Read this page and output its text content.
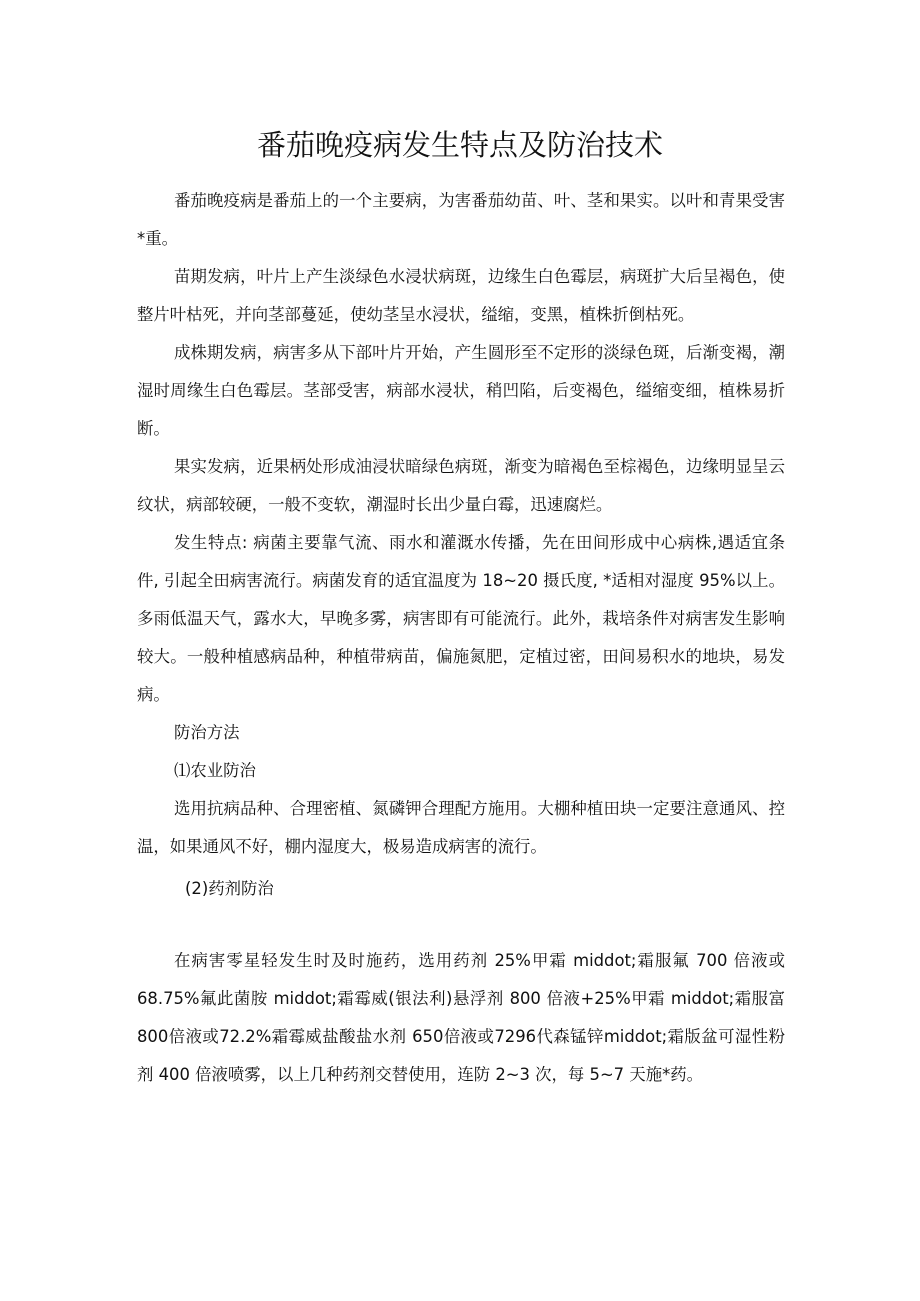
番茄晚疫病发生特点及防治技术

番茄晚疫病是番茄上的一个主要病，为害番茄幼苗、叶、茎和果实。以叶和青果受害*重。

苗期发病，叶片上产生淡绿色水浸状病斑，边缘生白色霉层，病斑扩大后呈褐色，使整片叶枯死，并向茎部蔓延，使幼茎呈水浸状，缢缩，变黑，植株折倒枯死。

成株期发病，病害多从下部叶片开始，产生圆形至不定形的淡绿色斑，后渐变褐，潮湿时周缘生白色霉层。茎部受害，病部水浸状，稍凹陷，后变褐色，缢缩变细，植株易折断。

果实发病，近果柄处形成油浸状暗绿色病斑，渐变为暗褐色至棕褐色，边缘明显呈云纹状，病部较硬，一般不变软，潮湿时长出少量白霉，迅速腐烂。

发生特点: 病菌主要靠气流、雨水和灌溉水传播，先在田间形成中心病株,遇适宜条件, 引起全田病害流行。病菌发育的适宜温度为 18~20 摄氏度, *适相对湿度 95%以上。多雨低温天气，露水大，早晚多雾，病害即有可能流行。此外，栽培条件对病害发生影响较大。一般种植感病品种，种植带病苗，偏施氮肥，定植过密，田间易积水的地块，易发病。

防治方法

⑴农业防治

选用抗病品种、合理密植、氮磷钾合理配方施用。大棚种植田块一定要注意通风、控温，如果通风不好，棚内湿度大，极易造成病害的流行。

(2)药剂防治

在病害零星轻发生时及时施药，选用药剂 25%甲霜 middot;霜服氟 700 倍液或 68.75%氟此菌胺 middot;霜霉威(银法利)悬浮剂 800 倍液+25%甲霜 middot;霜服富 800倍液或72.2%霜霉威盐酸盐水剂 650倍液或7296代森锰锌middot;霜版盆可湿性粉剂 400 倍液喷雾，以上几种药剂交替使用，连防 2~3 次，每 5~7 天施*药。
